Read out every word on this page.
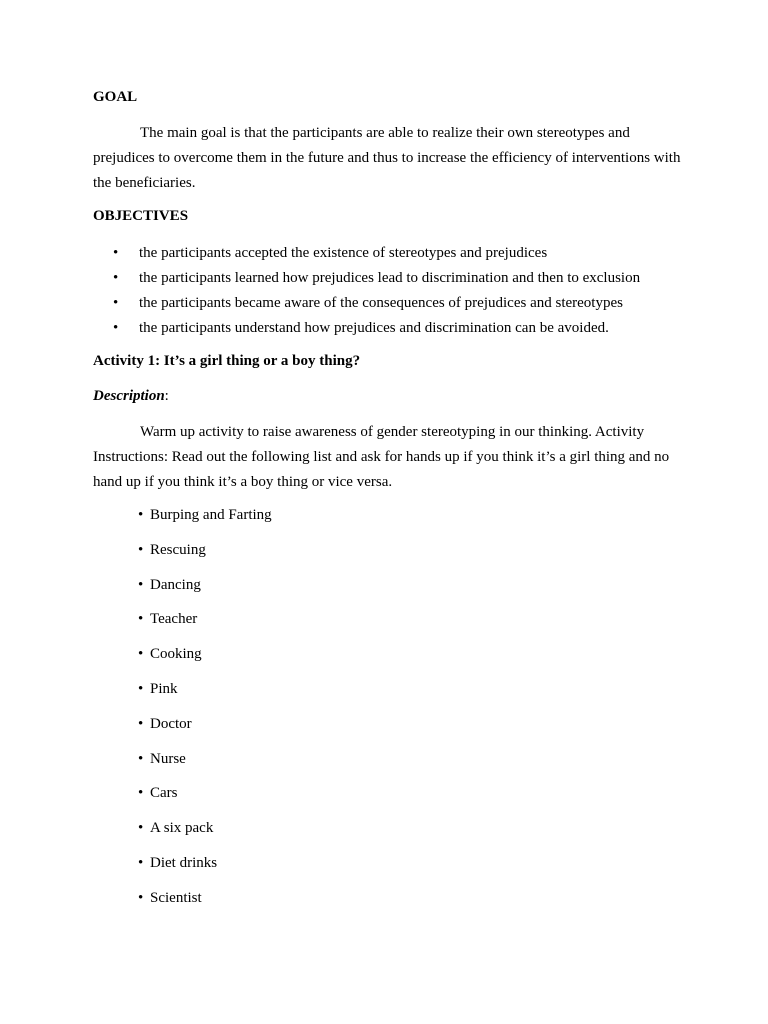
GOAL

The main goal is that the participants are able to realize their own stereotypes and prejudices to overcome them in the future and thus to increase the efficiency of interventions with the beneficiaries.

OBJECTIVES

• the participants accepted the existence of stereotypes and prejudices
• the participants learned how prejudices lead to discrimination and then to exclusion
• the participants became aware of the consequences of prejudices and stereotypes
• the participants understand how prejudices and discrimination can be avoided.

Activity 1: It’s a girl thing or a boy thing?

Description:

Warm up activity to raise awareness of gender stereotyping in our thinking. Activity Instructions: Read out the following list and ask for hands up if you think it’s a girl thing and no hand up if you think it’s a boy thing or vice versa.

• Burping and Farting
• Rescuing
• Dancing
• Teacher
• Cooking
• Pink
• Doctor
• Nurse
• Cars
• A six pack
• Diet drinks
• Scientist
